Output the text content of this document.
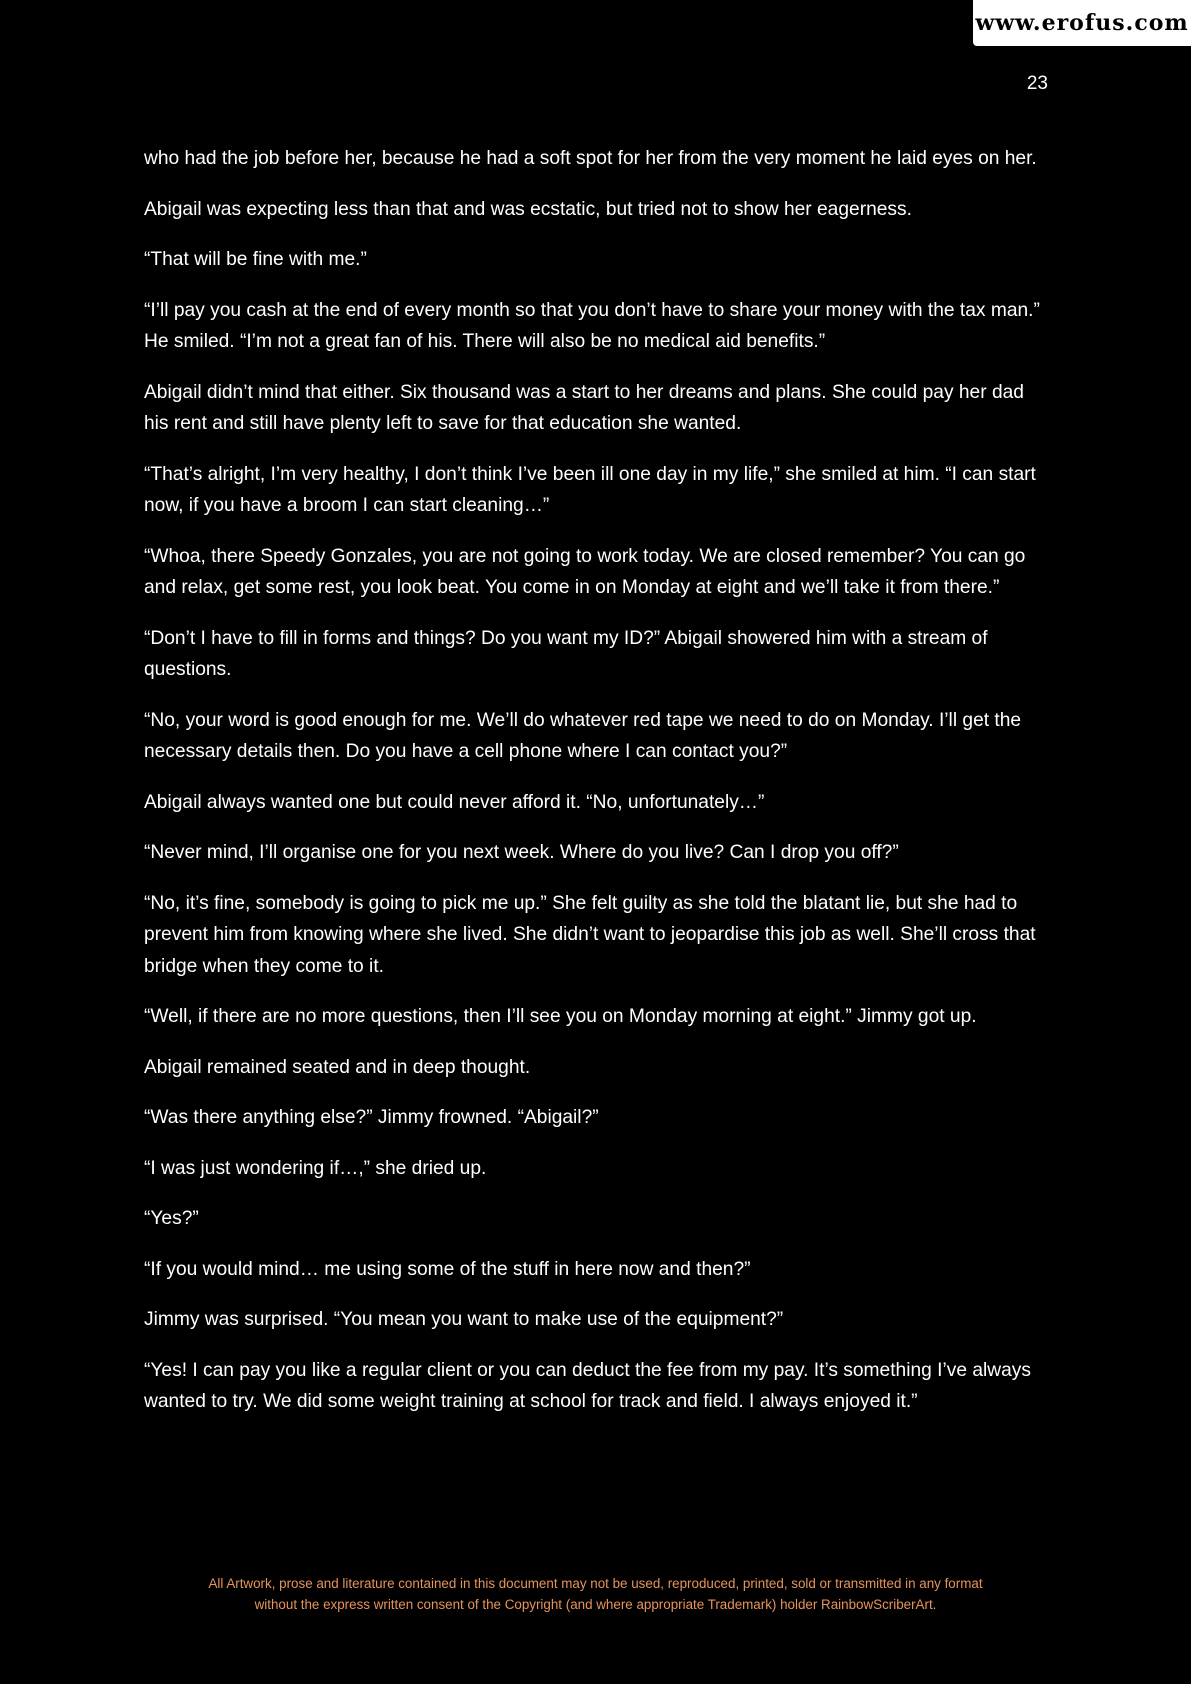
www.erofus.com
23

who had the job before her, because he had a soft spot for her from the very moment he laid eyes on her.

Abigail was expecting less than that and was ecstatic, but tried not to show her eagerness.

“That will be fine with me.”

“I’ll pay you cash at the end of every month so that you don’t have to share your money with the tax man.” He smiled. “I’m not a great fan of his. There will also be no medical aid benefits.”

Abigail didn’t mind that either. Six thousand was a start to her dreams and plans. She could pay her dad his rent and still have plenty left to save for that education she wanted.

“That’s alright, I’m very healthy, I don’t think I’ve been ill one day in my life,” she smiled at him. “I can start now, if you have a broom I can start cleaning…”

“Whoa, there Speedy Gonzales, you are not going to work today. We are closed remember? You can go and relax, get some rest, you look beat. You come in on Monday at eight and we’ll take it from there.”

“Don’t I have to fill in forms and things? Do you want my ID?” Abigail showered him with a stream of questions.

“No, your word is good enough for me. We’ll do whatever red tape we need to do on Monday. I’ll get the necessary details then. Do you have a cell phone where I can contact you?”

Abigail always wanted one but could never afford it. “No, unfortunately…”

“Never mind, I’ll organise one for you next week. Where do you live? Can I drop you off?”

“No, it’s fine, somebody is going to pick me up.” She felt guilty as she told the blatant lie, but she had to prevent him from knowing where she lived. She didn’t want to jeopardise this job as well. She’ll cross that bridge when they come to it.

“Well, if there are no more questions, then I’ll see you on Monday morning at eight.” Jimmy got up.

Abigail remained seated and in deep thought.

“Was there anything else?” Jimmy frowned. “Abigail?”

“I was just wondering if…,” she dried up.

“Yes?”

“If you would mind… me using some of the stuff in here now and then?”

Jimmy was surprised. “You mean you want to make use of the equipment?”

“Yes! I can pay you like a regular client or you can deduct the fee from my pay. It’s something I’ve always wanted to try. We did some weight training at school for track and field. I always enjoyed it.”

All Artwork, prose and literature contained in this document may not be used, reproduced, printed, sold or transmitted in any format
without the express written consent of the Copyright (and where appropriate Trademark) holder RainbowScriberArt.
